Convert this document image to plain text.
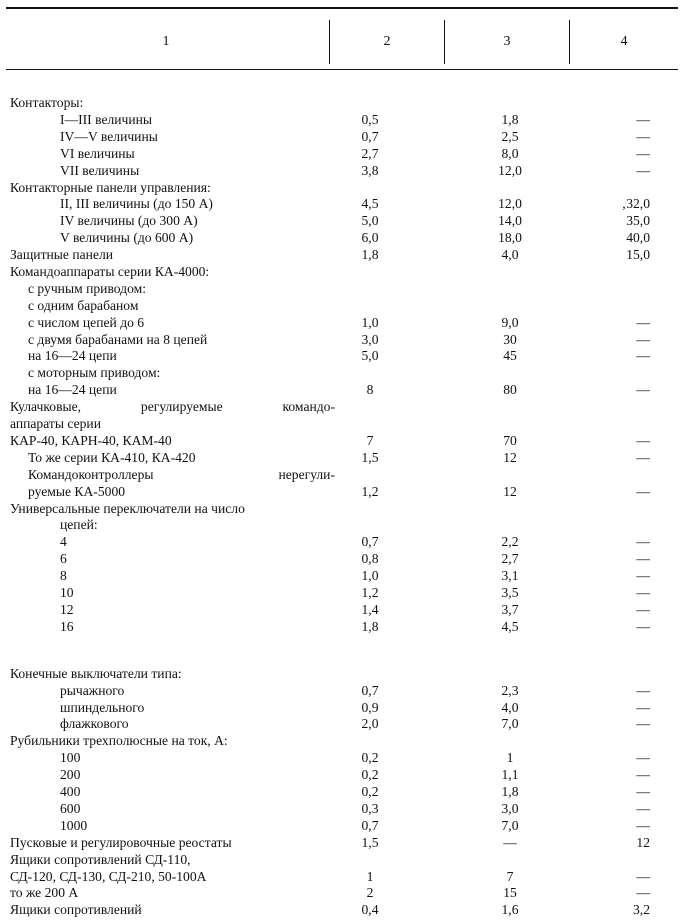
1	2	3	4
Контакторы:
I—III величины	0,5	1,8	—
IV—V величины	0,7	2,5	—
VI величины	2,7	8,0	—
VII величины	3,8	12,0	—
Контакторные панели управления:
II, III величины (до 150 А)	4,5	12,0	‚32,0
IV величины (до 300 А)	5,0	14,0	35,0
V величины (до 600 А)	6,0	18,0	40,0
Защитные панели	1,8	4,0	15,0
Командоаппараты серии КА-4000:
с ручным приводом:
с одним барабаном
с числом цепей до 6	1,0	9,0	—
с двумя барабанами на 8 цепей	3,0	30	—
на 16—24 цепи	5,0	45	—
с моторным приводом:
на 16—24 цепи	8	80	—
Кулачковые, регулируемые командо-
аппараты серии
КАР-40, КАРН-40, КАМ-40	7	70	—
То же серии КА-410, КА-420	1,5	12	—
Командоконтроллеры нерегули-
руемые КА-5000	1,2	12	—
Универсальные переключатели на число
цепей:
4	0,7	2,2	—
6	0,8	2,7	—
8	1,0	3,1	—
10	1,2	3,5	—
12	1,4	3,7	—
16	1,8	4,5	—
Конечные выключатели типа:
рычажного	0,7	2,3	—
шпиндельного	0,9	4,0	—
флажкового	2,0	7,0	—
Рубильники трехполюсные на ток, А:
100	0,2	1	—
200	0,2	1,1	—
400	0,2	1,8	—
600	0,3	3,0	—
1000	0,7	7,0	—
Пусковые и регулировочные реостаты	1,5	—	12
Ящики сопротивлений СД-110,
СД-120, СД-130, СД-210, 50-100А	1	7	—
то же 200 А	2	15	—
Ящики сопротивлений	0,4	1,6	3,2
